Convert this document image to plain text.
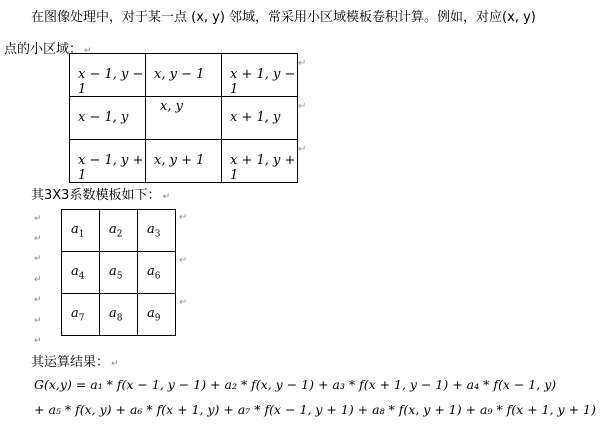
在图像处理中，对于某一点 (x, y) 邻域，常采用小区域模板卷积计算。例如，对应(x, y)
点的小区域： ↵
x − 1, y − 1	x, y − 1	x + 1, y − 1

x − 1, y	x, y	x + 1, y

x − 1, y + 1	x, y + 1	x + 1, y + 1
↵
↵
↵
其3X3系数模板如下： ↵
↵
↵
↵
↵
↵
↵
↵
$a_1$	$a_2$	$a_3$

$a_4$	$a_5$	$a_6$

$a_7$	$a_8$	$a_9$
↵
↵
↵
其运算结果： ↵
G(x,y) = a₁ * f(x − 1, y − 1) + a₂ * f(x, y − 1) + a₃ * f(x + 1, y − 1) + a₄ * f(x − 1, y)
+ a₅ * f(x, y) + a₆ * f(x + 1, y) + a₇ * f(x − 1, y + 1) + a₈ * f(x, y + 1) + a₉ * f(x + 1, y + 1)
